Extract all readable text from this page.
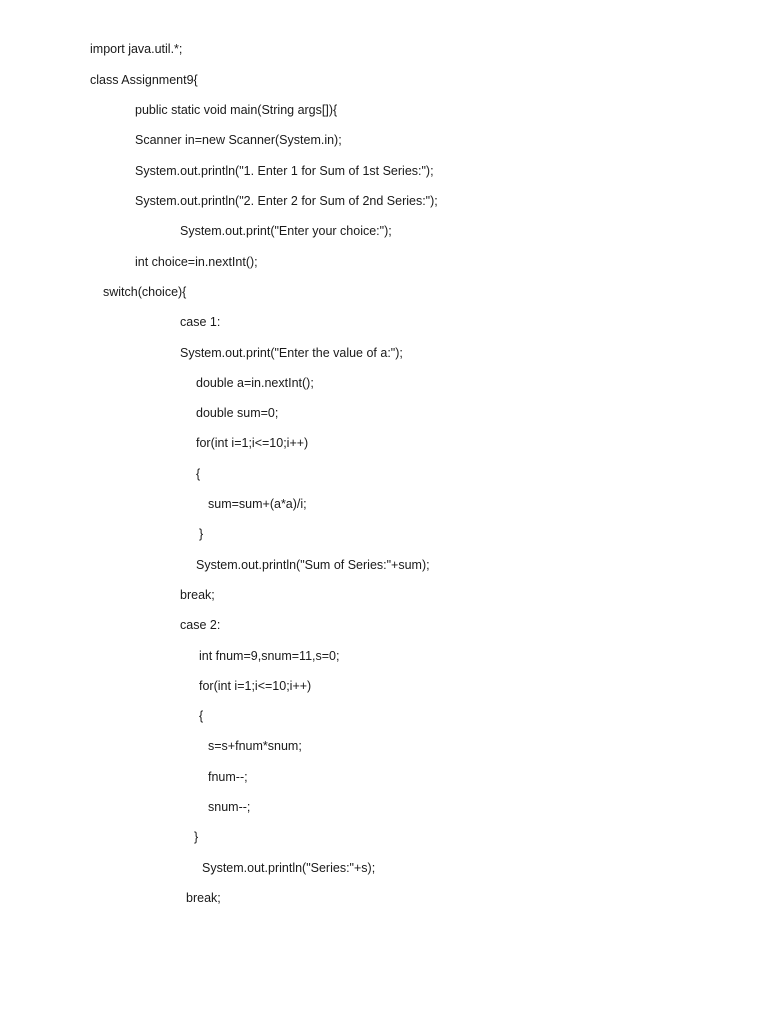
import java.util.*;

class Assignment9{

public static void main(String args[]){

Scanner in=new Scanner(System.in);

System.out.println("1. Enter 1 for Sum of 1st Series:");

System.out.println("2. Enter 2 for Sum of 2nd Series:");

System.out.print("Enter your choice:");

int choice=in.nextInt();

switch(choice){

case 1:

System.out.print("Enter the value of a:");

double a=in.nextInt();

double sum=0;

for(int i=1;i<=10;i++)

{

sum=sum+(a*a)/i;

}

System.out.println("Sum of Series:"+sum);

break;

case 2:

int fnum=9,snum=11,s=0;

for(int i=1;i<=10;i++)

{

s=s+fnum*snum;

fnum--;

snum--;

}

System.out.println("Series:"+s);

break;
